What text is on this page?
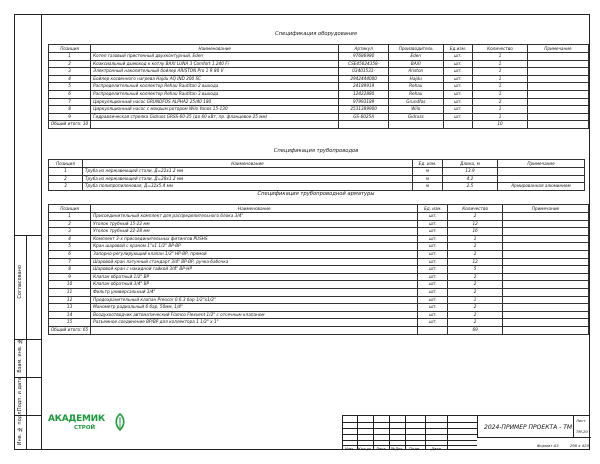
Согласовано
Взам. инв. №
Подп. и дата
Инв. № подл.
Спецификация оборудования
Позиция	Наименование	Артикул	Производитель	Ед.изм.	Количество	Примечание
1	Котел газовый пристенный двухконтурный, Eden	97686980	Eden	шт.	1	
2	Коаксиальный дымоход к котлу BAXI LUNA 3 Comfort 1.240 Fi	CSE45624358-	BAXI	шт.	1	
3	Электронный накопительный бойлер ARISTON Pro 1 R 80 V	03401531-	Ariston	шт.	1	
4	Бойлер косвенного нагрева Hajdu AQ IND 200 SC	2942444000	Hajdu	шт.	1	
5	Распределительный коллектор Rehau Rautitan 2 выхода	24189919	Rehau	шт.	1	
6	Распределительный коллектор Rehau Rautitan 3 выхода	12422880	Rehau	шт.	1	
7	Циркуляционный насос GRUNDFOS ALPHA2 25/40 180	97993189	Grundfos	шт.	2	
8	Циркуляционный насос с мокрым ротором Wilo Yonos 15-130	2531389900	Wilo	шт.	1	
9	Гидравлическая стрелка Gidruss GRSS-60-25 (до 60 кВт, пр. фланцевое 25 мм)	GS-6025A	Gidruss	шт.	1	
Общий итого: 10					10	
Спецификация трубопроводов
Позиция	Наименование	Ед. изм.	Длина, м	Примечание
1	Труба из нержавеющей стали, Д=22х1.2 мм	м	13.9	
2	Труба из нержавеющей стали, Д=28х1.2 мм	м	4.2	
3	Труба полипропиленовая, Д=32х5.4 мм	м	2.5	Армированная алюминием
Спецификация трубопроводной арматуры
Позиция	Наименование	Ед. изм.	Количество	Примечание
1	Присоединительный комплект для распределительного блока 3/4"	шт.	2	
2	Уголок трубный 15-22 мм	шт.	12	
3	Уголок трубный 22-28 мм	шт.	16	
4	Комплект 3-х присоединительных фитингов PUSHS	шт.	1	
5	Кран шаровой с краном 1"х1 1/2" ВР-ВР	шт.	2	
6	Запорно-регулирующий клапан 1/2" НР-ВР, прямой	шт.	2	
7	Шаровой кран латунный стандарт 3/4" ВР-ВР, ручка-бабочка	шт.	12	
8	Шаровой кран с накидной гайкой 3/4" ВР-НР	шт.	5	
9	Клапан обратный 1/2" ВР	шт.	2	
10	Клапан обратный 3/4" ВР	шт.	2	
11	Фильтр универсальный 3/4"	шт.	2	
12	Предохранительный клапан Preocor 0.6.3 бар 1/2"х1/2"	шт.	1	
13	Манометр радиальный 6 бар, 50мм, 1/4"	шт.	2	
14	Воздухоотводчик автоматический Flamco Flexvent 1/2" с отсечным клапаном	шт.	2	
15	Разъемное соединение ВР/ВР для коллектора 1 1/2" х 1"	шт.	2	
Общий итого: 65			69	
АКАДЕМИК
СТРОЙ
Изм. Кол.уч. Лист №Док. Подп.	Дата
2024-ПРИМЕР ПРОЕКТА - ТМ
Лист
ТМ-20
Формат А3	298 х 420
